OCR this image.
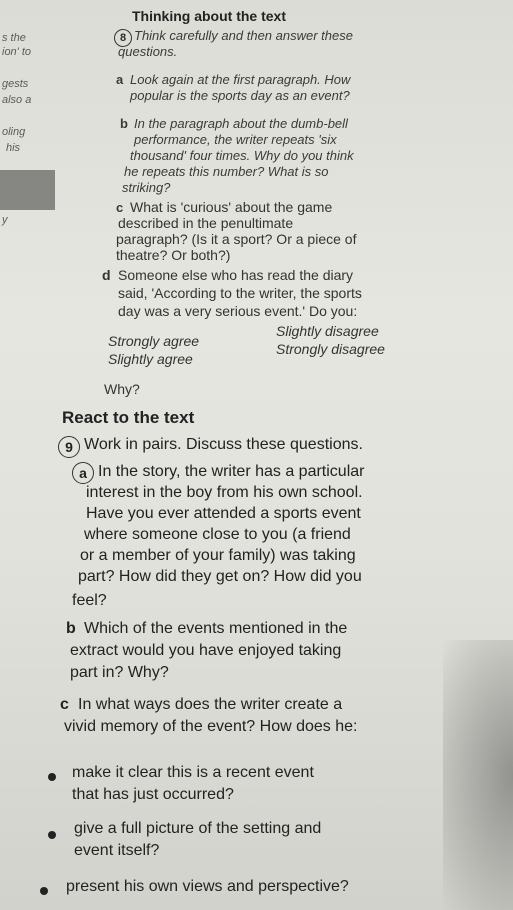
s the
ion' to
gests
also a
oling
his
y
Thinking about the text
8 Think carefully and then answer these
questions.
a Look again at the first paragraph. How
popular is the sports day as an event?
b In the paragraph about the dumb-bell
performance, the writer repeats 'six
thousand' four times. Why do you think
he repeats this number? What is so
striking?
c What is 'curious' about the game
described in the penultimate
paragraph? (Is it a sport? Or a piece of
theatre? Or both?)
d Someone else who has read the diary
said, 'According to the writer, the sports
day was a very serious event.' Do you:
Strongly agree
Slightly disagree
Slightly agree
Strongly disagree
Why?
React to the text
9 Work in pairs. Discuss these questions.
a In the story, the writer has a particular
interest in the boy from his own school.
Have you ever attended a sports event
where someone close to you (a friend
or a member of your family) was taking
part? How did they get on? How did you
feel?
b Which of the events mentioned in the
extract would you have enjoyed taking
part in? Why?
c In what ways does the writer create a
vivid memory of the event? How does he:
make it clear this is a recent event
that has just occurred?
give a full picture of the setting and
event itself?
present his own views and perspective?
